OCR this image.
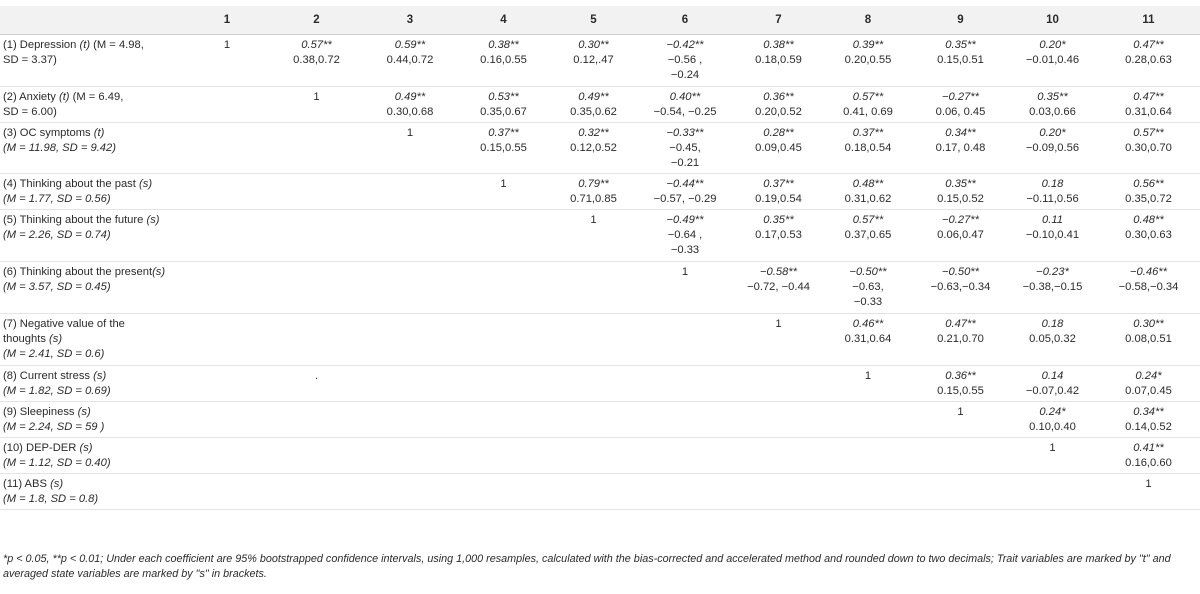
	1	2	3	4	5	6	7	8	9	10	11
(1) Depression (t) (M = 4.98,
SD = 3.37)	1	0.57**
0.38,0.72	0.59**
0.44,0.72	0.38**
0.16,0.55	0.30**
0.12,.47	−0.42**
−0.56 ,
−0.24	0.38**
0.18,0.59	0.39**
0.20,0.55	0.35**
0.15,0.51	0.20*
−0.01,0.46	0.47**
0.28,0.63

(2) Anxiety (t) (M = 6.49,
SD = 6.00)		1	0.49**
0.30,0.68	0.53**
0.35,0.67	0.49**
0.35,0.62	0.40**
−0.54, −0.25	0.36**
0.20,0.52	0.57**
0.41, 0.69	−0.27**
0.06, 0.45	0.35**
0.03,0.66	0.47**
0.31,0.64

(3) OC symptoms (t)
(M = 11.98, SD = 9.42)			1	0.37**
0.15,0.55	0.32**
0.12,0.52	−0.33**
−0.45,
−0.21	0.28**
0.09,0.45	0.37**
0.18,0.54	0.34**
0.17, 0.48	0.20*
−0.09,0.56	0.57**
0.30,0.70

(4) Thinking about the past (s)
(M = 1.77, SD = 0.56)				1	0.79**
0.71,0.85	−0.44**
−0.57, −0.29	0.37**
0.19,0.54	0.48**
0.31,0.62	0.35**
0.15,0.52	0.18
−0.11,0.56	0.56**
0.35,0.72

(5) Thinking about the future (s)
(M = 2.26, SD = 0.74)					1	−0.49**
−0.64 ,
−0.33	0.35**
0.17,0.53	0.57**
0.37,0.65	−0.27**
0.06,0.47	0.11
−0.10,0.41	0.48**
0.30,0.63

(6) Thinking about the present(s)
(M = 3.57, SD = 0.45)						1	−0.58**
−0.72, −0.44	−0.50**
−0.63,
−0.33	−0.50**
−0.63,−0.34	−0.23*
−0.38,−0.15	−0.46**
−0.58,−0.34

(7) Negative value of the
thoughts (s)
(M = 2.41, SD = 0.6)							1	0.46**
0.31,0.64	0.47**
0.21,0.70	0.18
0.05,0.32	0.30**
0.08,0.51

(8) Current stress (s)
(M = 1.82, SD = 0.69)		.						1	0.36**
0.15,0.55	0.14
−0.07,0.42	0.24*
0.07,0.45

(9) Sleepiness (s)
(M = 2.24, SD = 59 )									1	0.24*
0.10,0.40	0.34**
0.14,0.52

(10) DEP-DER (s)
(M = 1.12, SD = 0.40)										1	0.41**
0.16,0.60

(11) ABS (s)
(M = 1.8, SD = 0.8)											1
*p < 0.05, **p < 0.01; Under each coefficient are 95% bootstrapped confidence intervals, using 1,000 resamples, calculated with the bias-corrected and accelerated method and rounded down to two decimals; Trait variables are marked by "t" and averaged state variables are marked by "s" in brackets.
